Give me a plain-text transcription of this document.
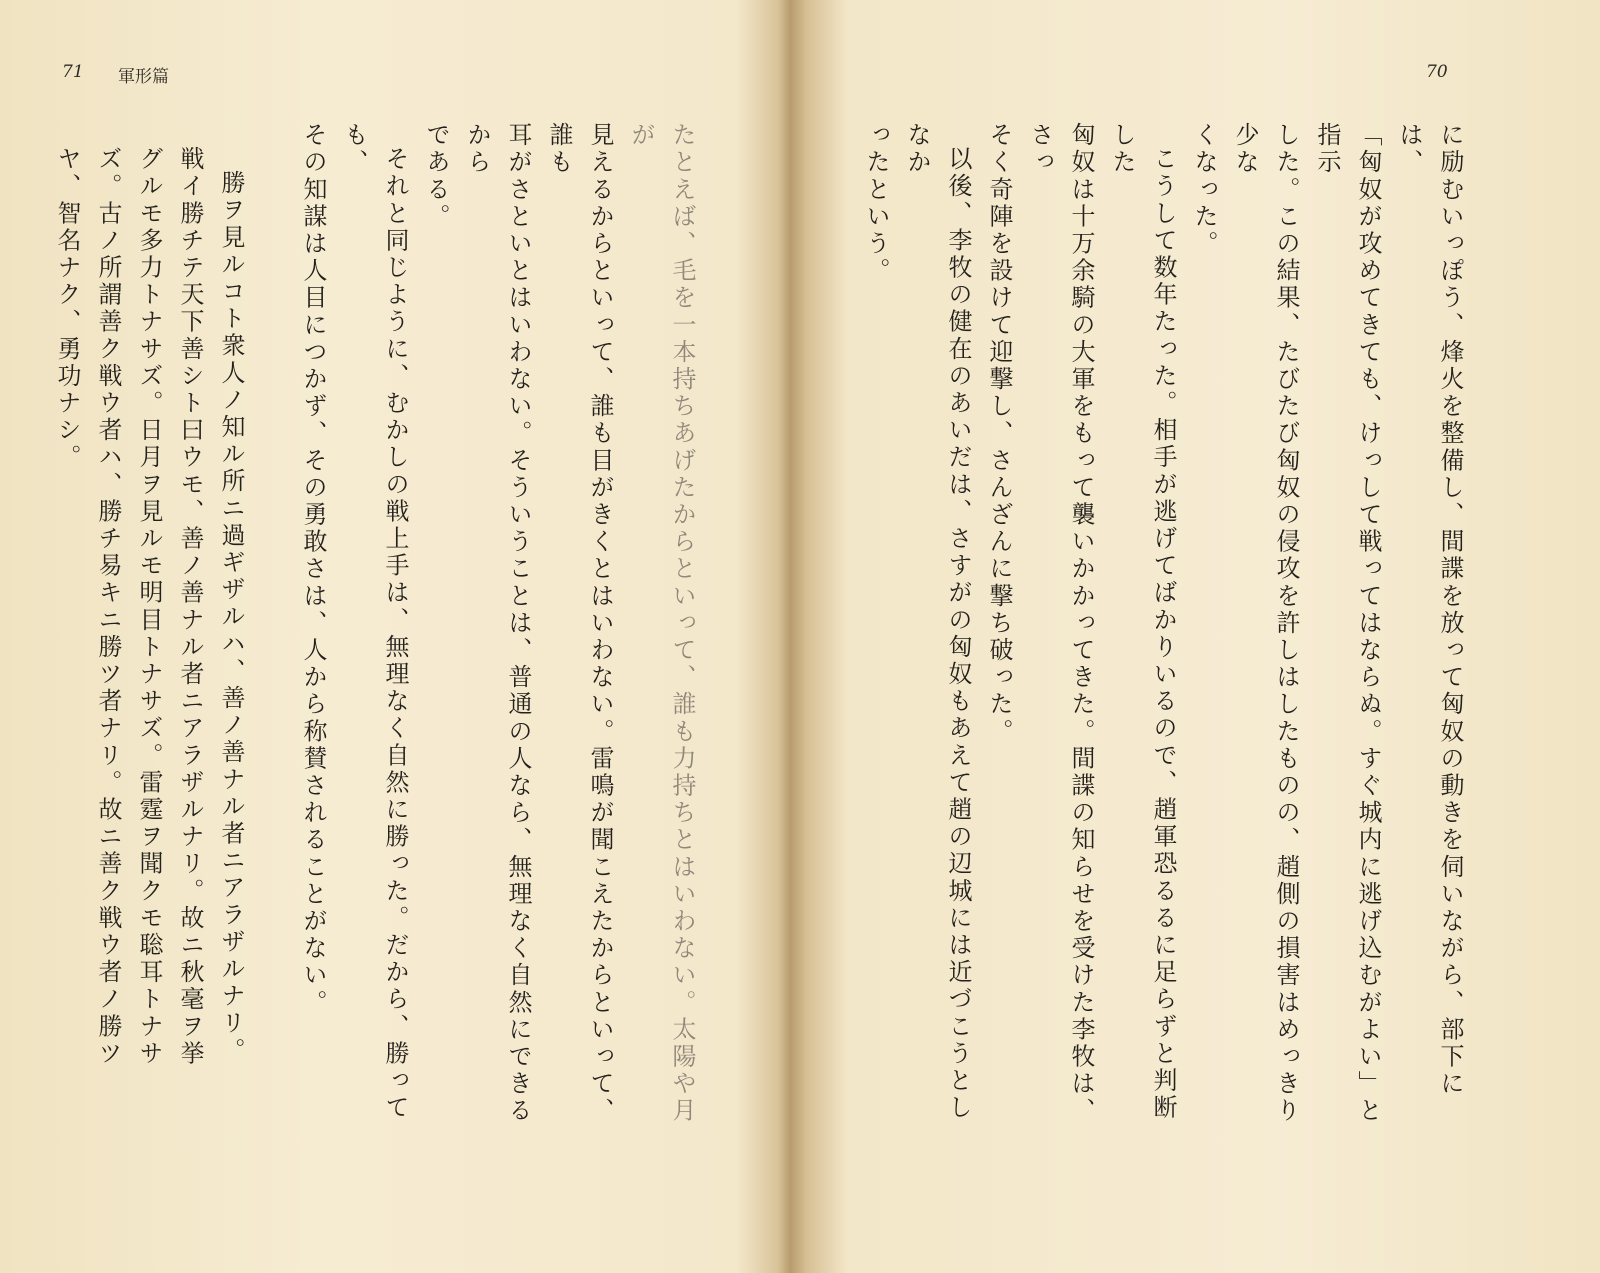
71 軍形篇

たとえば、毛を一本持ちあげたからといって、誰も力持ちとはいわない。太陽や月が

見えるからといって、誰も目がきくとはいわない。雷鳴が聞こえたからといって、誰も

耳がさといとはいわない。そういうことは、普通の人なら、無理なく自然にできるから

である。

それと同じように、むかしの戦上手は、無理なく自然に勝った。だから、勝っても、

その知謀は人目につかず、その勇敢さは、人から称賛されることがない。

勝ヲ見ルコト衆人ノ知ル所ニ過ギザルハ、善ノ善ナル者ニアラザルナリ。

戦イ勝チテ天下善シト曰ウモ、善ノ善ナル者ニアラザルナリ。故ニ秋毫ヲ挙

グルモ多力トナサズ。日月ヲ見ルモ明目トナサズ。雷霆ヲ聞クモ聡耳トナサ

ズ。古ノ所謂善ク戦ウ者ハ、勝チ易キニ勝ツ者ナリ。故ニ善ク戦ウ者ノ勝ツ

ヤ、智名ナク、勇功ナシ。

70

に励むいっぽう、烽火を整備し、間諜を放って匈奴の動きを伺いながら、部下には、

「匈奴が攻めてきても、けっして戦ってはならぬ。すぐ城内に逃げ込むがよい」と指示

した。この結果、たびたび匈奴の侵攻を許しはしたものの、趙側の損害はめっきり少な

くなった。

こうして数年たった。相手が逃げてばかりいるので、趙軍恐るるに足らずと判断した

匈奴は十万余騎の大軍をもって襲いかかってきた。間諜の知らせを受けた李牧は、さっ

そく奇陣を設けて迎撃し、さんざんに撃ち破った。

以後、李牧の健在のあいだは、さすがの匈奴もあえて趙の辺城には近づこうとしなか

ったという。
